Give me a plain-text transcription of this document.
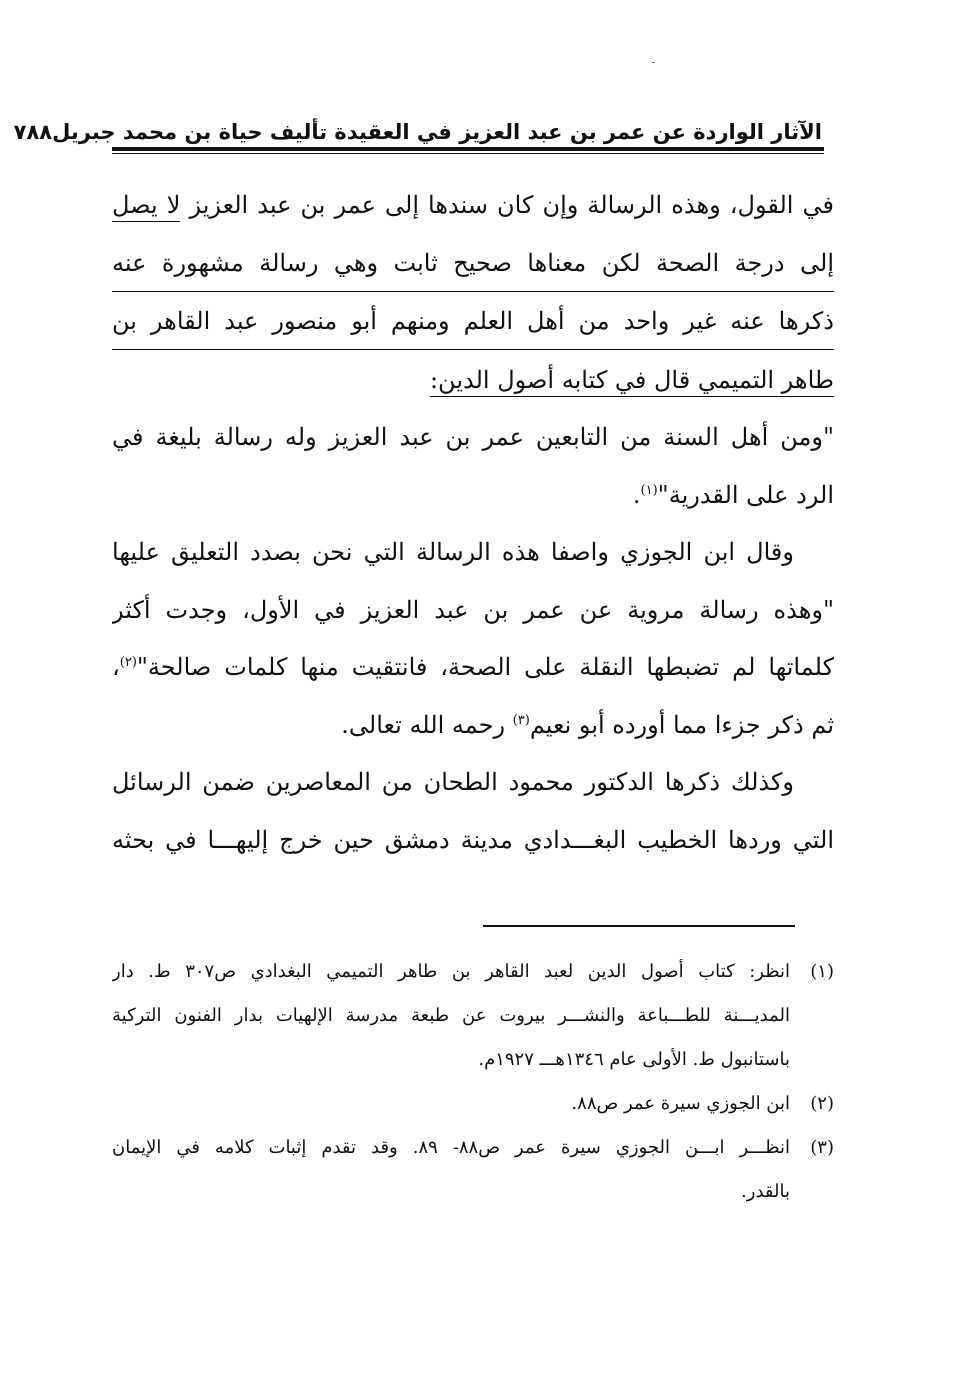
الآثار الواردة عن عمر بن عبد العزيز في العقيدة تأليف حياة بن محمد جبريل
٧٨٨

في القول، وهذه الرسالة وإن كان سندها إلى عمر بن عبد العزيز لا يصل
إلى درجة الصحة لكن معناها صحيح ثابت وهي رسالة مشهورة عنه
ذكرها عنه غير واحد من أهل العلم ومنهم أبو منصور عبد القاهر بن
طاهر التميمي قال في كتابه أصول الدين:

"ومن أهل السنة من التابعين عمر بن عبد العزيز وله رسالة بليغة في
الرد على القدرية"$^{(١)}$.

وقال ابن الجوزي واصفا هذه الرسالة التي نحن بصدد التعليق عليها
"وهذه رسالة مروية عن عمر بن عبد العزيز في الأول، وجدت أكثر
كلماتها لم تضبطها النقلة على الصحة، فانتقيت منها كلمات صالحة"$^{(٢)}$،
ثم ذكر جزءا مما أورده أبو نعيم$^{(٣)}$ رحمه الله تعالى.

وكذلك ذكرها الدكتور محمود الطحان من المعاصرين ضمن الرسائل
التي وردها الخطيب البغـــدادي مدينة دمشق حين خرج إليهـــا في بحثه

(١)
انظر: كتاب أصول الدين لعبد القاهر بن طاهر التميمي البغدادي ص٣٠٧ ط. دار
المديـــنة للطـــباعة والنشـــر بيروت عن طبعة مدرسة الإلهيات بدار الفنون التركية
باستانبول ط. الأولى عام ١٣٤٦هـــ ١٩٢٧م.
(٢)
ابن الجوزي سيرة عمر ص٨٨.
(٣)
انظـــر ابـــن الجوزي سيرة عمر ص٨٨- ٨٩. وقد تقدم إثبات كلامه في الإيمان
بالقدر.
